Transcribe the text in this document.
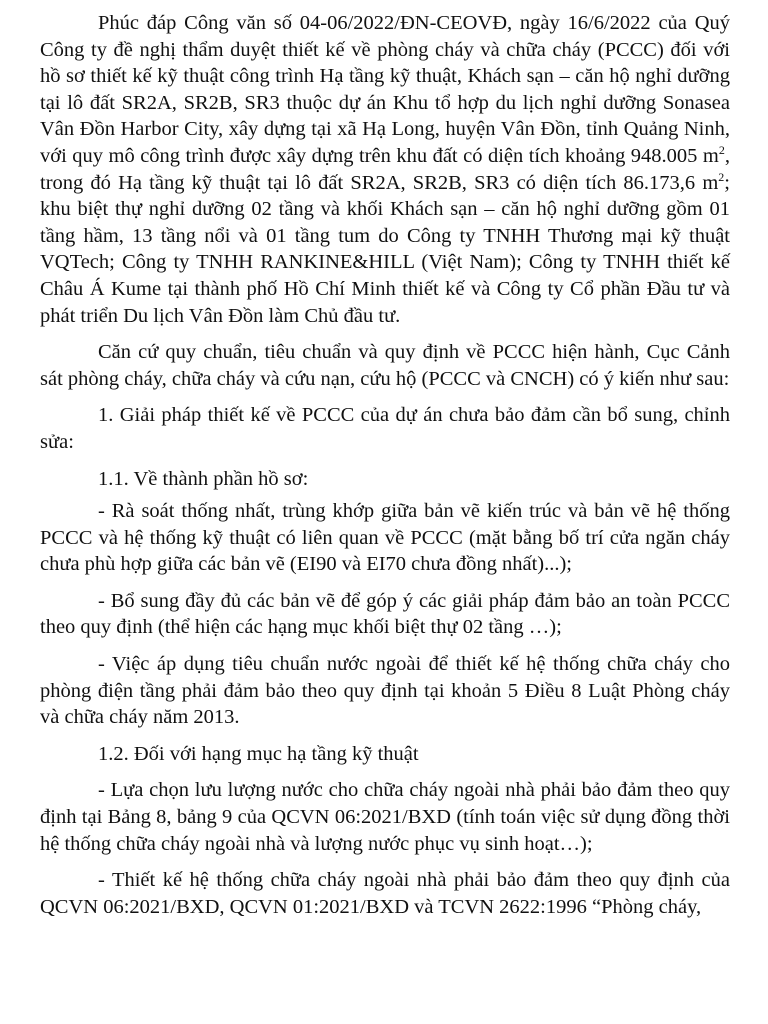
Phúc đáp Công văn số 04-06/2022/ĐN-CEOVĐ, ngày 16/6/2022 của Quý Công ty đề nghị thẩm duyệt thiết kế về phòng cháy và chữa cháy (PCCC) đối với hồ sơ thiết kế kỹ thuật công trình Hạ tầng kỹ thuật, Khách sạn – căn hộ nghỉ dưỡng tại lô đất SR2A, SR2B, SR3 thuộc dự án Khu tổ hợp du lịch nghỉ dưỡng Sonasea Vân Đồn Harbor City, xây dựng tại xã Hạ Long, huyện Vân Đồn, tỉnh Quảng Ninh, với quy mô công trình được xây dựng trên khu đất có diện tích khoảng 948.005 $m^2$, trong đó Hạ tầng kỹ thuật tại lô đất SR2A, SR2B, SR3 có diện tích 86.173,6 $m^2$; khu biệt thự nghỉ dưỡng 02 tầng và khối Khách sạn – căn hộ nghỉ dưỡng gồm 01 tầng hầm, 13 tầng nổi và 01 tầng tum do Công ty TNHH Thương mại kỹ thuật VQTech; Công ty TNHH RANKINE&HILL (Việt Nam); Công ty TNHH thiết kế Châu Á Kume tại thành phố Hồ Chí Minh thiết kế và Công ty Cổ phần Đầu tư và phát triển Du lịch Vân Đồn làm Chủ đầu tư.

Căn cứ quy chuẩn, tiêu chuẩn và quy định về PCCC hiện hành, Cục Cảnh sát phòng cháy, chữa cháy và cứu nạn, cứu hộ (PCCC và CNCH) có ý kiến như sau:

1. Giải pháp thiết kế về PCCC của dự án chưa bảo đảm cần bổ sung, chỉnh sửa:

1.1. Về thành phần hồ sơ:

- Rà soát thống nhất, trùng khớp giữa bản vẽ kiến trúc và bản vẽ hệ thống PCCC và hệ thống kỹ thuật có liên quan về PCCC (mặt bằng bố trí cửa ngăn cháy chưa phù hợp giữa các bản vẽ (EI90 và EI70 chưa đồng nhất)...);

- Bổ sung đầy đủ các bản vẽ để góp ý các giải pháp đảm bảo an toàn PCCC theo quy định (thể hiện các hạng mục khối biệt thự 02 tầng …);

- Việc áp dụng tiêu chuẩn nước ngoài để thiết kế hệ thống chữa cháy cho phòng điện tầng phải đảm bảo theo quy định tại khoản 5 Điều 8 Luật Phòng cháy và chữa cháy năm 2013.

1.2. Đối với hạng mục hạ tầng kỹ thuật

- Lựa chọn lưu lượng nước cho chữa cháy ngoài nhà phải bảo đảm theo quy định tại Bảng 8, bảng 9 của QCVN 06:2021/BXD (tính toán việc sử dụng đồng thời hệ thống chữa cháy ngoài nhà và lượng nước phục vụ sinh hoạt…);

- Thiết kế hệ thống chữa cháy ngoài nhà phải bảo đảm theo quy định của QCVN 06:2021/BXD, QCVN 01:2021/BXD và TCVN 2622:1996 “Phòng cháy,
